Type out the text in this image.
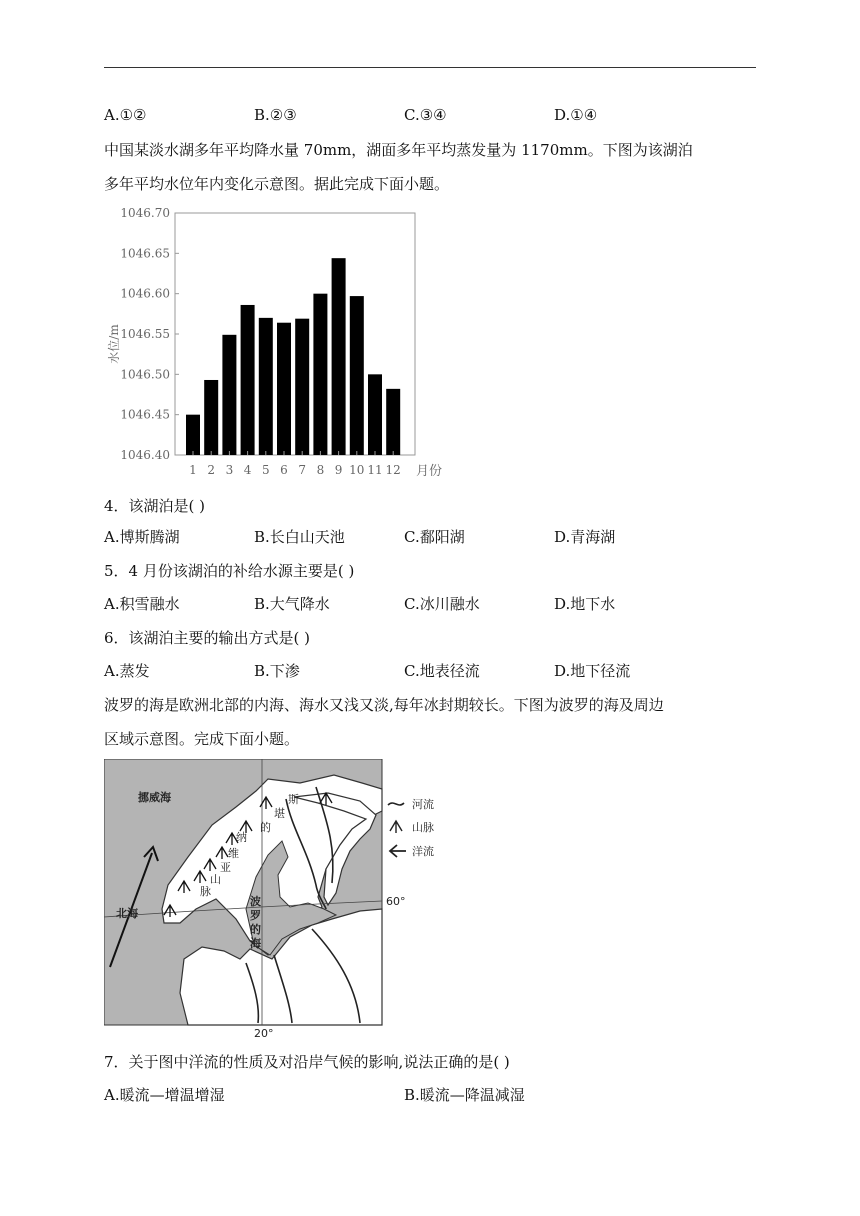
A.①②	B.②③	C.③④	D.①④
中国某淡水湖多年平均降水量 70mm，湖面多年平均蒸发量为 1170mm。下图为该湖泊
多年平均水位年内变化示意图。据此完成下面小题。
1046.40
1046.45
1046.50
1046.55
1046.60
1046.65
1046.70
1 2 3 4 5 6 7 8 9 10 11 12
水位/m
月份
4．该湖泊是( )
A.博斯腾湖	B.长白山天池	C.鄱阳湖	D.青海湖
5．4 月份该湖泊的补给水源主要是( )
A.积雪融水	B.大气降水	C.冰川融水	D.地下水
6．该湖泊主要的输出方式是( )
A.蒸发	B.下渗	C.地表径流	D.地下径流
波罗的海是欧洲北部的内海、海水又浅又淡,每年冰封期较长。下图为波罗的海及周边
区域示意图。完成下面小题。
挪威海
北海
波
罗
的
海
斯
堪
的
纳
维
亚
山
脉
60°
20°
河流
山脉
洋流
7．关于图中洋流的性质及对沿岸气候的影响,说法正确的是( )
A.暖流—增温增湿	B.暖流—降温减湿
